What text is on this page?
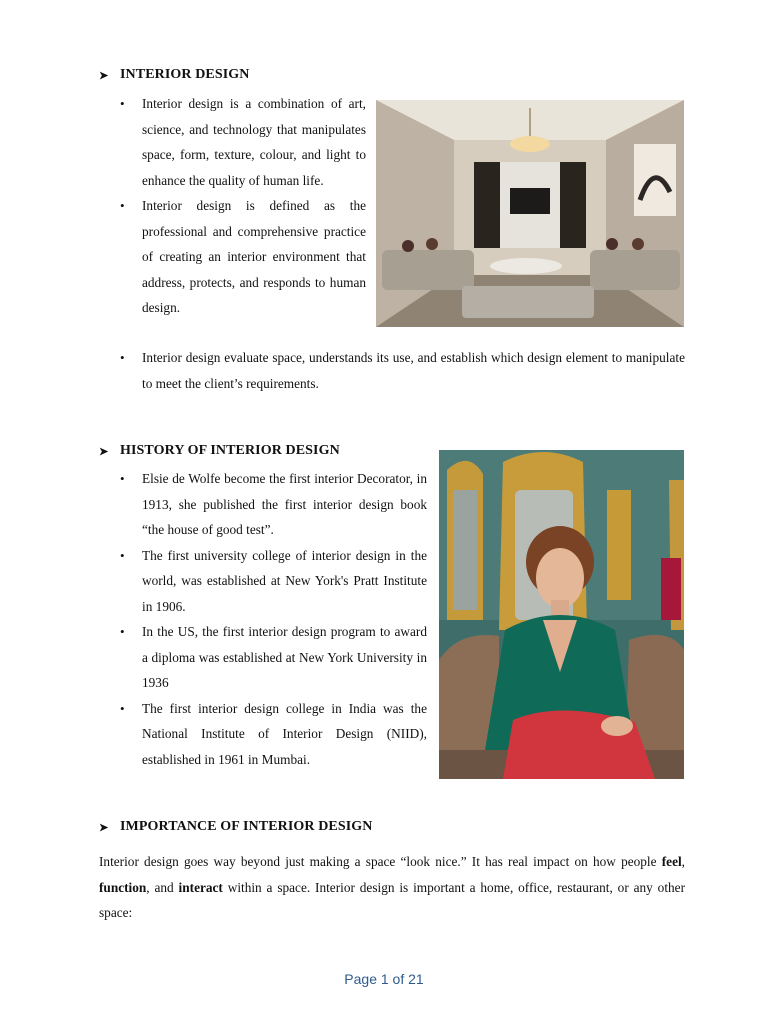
➤ INTERIOR DESIGN
• Interior design is a combination of art, science, and technology that manipulates space, form, texture, colour, and light to enhance the quality of human life.
• Interior design is defined as the professional and comprehensive practice of creating an interior environment that address, protects, and responds to human design.
• Interior design evaluate space, understands its use, and establish which design element to manipulate to meet the client’s requirements.
➤ HISTORY OF INTERIOR DESIGN
• Elsie de Wolfe become the first interior Decorator, in 1913, she published the first interior design book “the house of good test”.
• The first university college of interior design in the world, was established at New York's Pratt Institute in 1906.
• In the US, the first interior design program to award a diploma was established at New York University in 1936
• The first interior design college in India was the National Institute of Interior Design (NIID), established in 1961 in Mumbai.
➤ IMPORTANCE OF INTERIOR DESIGN

Interior design goes way beyond just making a space “look nice.” It has real impact on how people feel, function, and interact within a space. Interior design is important a home, office, restaurant, or any other space:

Page 1 of 21
